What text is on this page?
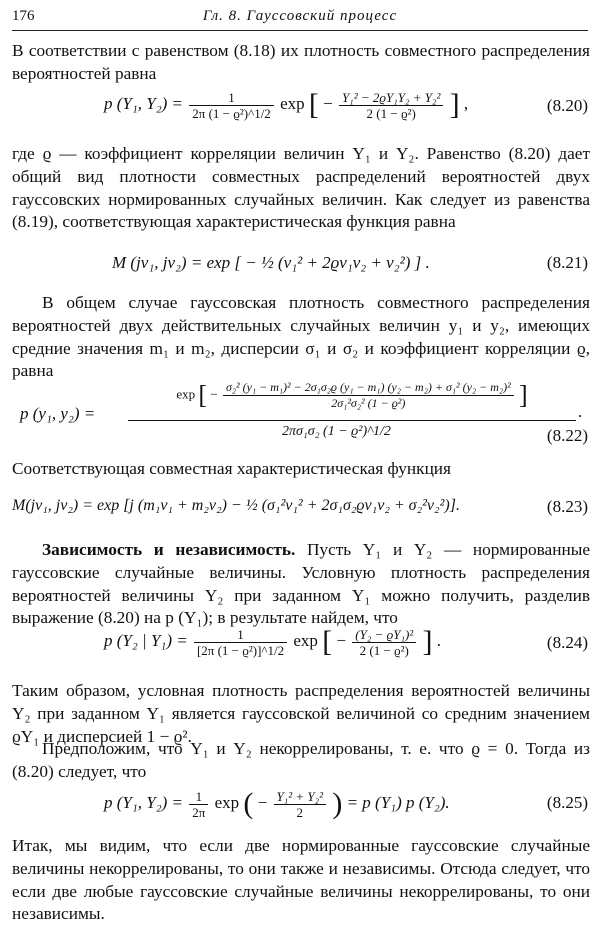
176	Гл. 8. Гауссовский процесс

В соответствии с равенством (8.18) их плотность совместного распределения вероятностей равна

p (Y₁, $Y_2) = \frac{1}{\text{2π (1 − ϱ²)\textasciicircum{}1/2}}$ exp [ − $\frac{\text{Y₁² − 2ϱY₁Y₂ + Y₂²}}{\text{2 (1 − ϱ²)}}$ ] ,	(8.20)

где ϱ — коэффициент корреляции величин Y₁ и Y₂. Равенство (8.20) дает общий вид плотности совместных распределений вероятностей двух гауссовских нормированных случайных величин. Как следует из равенства (8.19), соответствующая характеристическая функция равна

M (jv₁, jv₂) = exp [ − ½ (v₁² + 2ϱv₁v₂ + v₂²) ] .	(8.21)

В общем случае гауссовская плотность совместного распределения вероятностей двух действительных случайных величин y₁ и y₂, имеющих средние значения m₁ и m₂, дисперсии σ₁ и σ₂ и коэффициент корреляции ϱ, равна

p (y₁, y₂) =
exp [ − $\frac{\text{σ₂² (y₁ − m₁)² − 2σ₁σ₂ϱ (y₁ − m₁) (y₂ − m₂) + σ₁² (y₂ − m₂)²}}{\text{2σ₁²σ₂² (1 − ϱ²)}}$ ]
2πσ₁σ₂ (1 − ϱ²)^1/2
.
(8.22)

Соответствующая совместная характеристическая функция

M(jv₁, jv₂) = exp [j (m₁v₁ + m₂v₂) − ½ (σ₁²v₁² + 2σ₁σ₂ϱv₁v₂ + σ₂²v₂²)].	(8.23)

Зависимость и независимость. Пусть Y₁ и Y₂ — нормированные гауссовские случайные величины. Условную плотность распределения вероятностей величины Y₂ при заданном Y₁ можно получить, разделив выражение (8.20) на p (Y₁); в результате найдем, что

p (Y₂ | $Y_1) = \frac{1}{\text{[2π (1 − ϱ²)]\textasciicircum{}1/2}}$ exp [ − $\frac{\text{(Y₂ − ϱY₁)²}}{\text{2 (1 − ϱ²)}}$ ] .	(8.24)

Таким образом, условная плотность распределения вероятностей величины Y₂ при заданном Y₁ является гауссовской величиной со средним значением ϱY₁ и дисперсией 1 − ϱ².

Предположим, что Y₁ и Y₂ некоррелированы, т. е. что ϱ = 0. Тогда из (8.20) следует, что

p (Y₁, $Y_2) = \frac{1}{2\pi}$ exp ( − $\frac{\text{Y₁² + Y₂²}}{2}$ ) = p (Y₁) p (Y₂).	(8.25)

Итак, мы видим, что если две нормированные гауссовские случайные величины некоррелированы, то они также и независимы. Отсюда следует, что если две любые гауссовские случайные величины некоррелированы, то они независимы.
